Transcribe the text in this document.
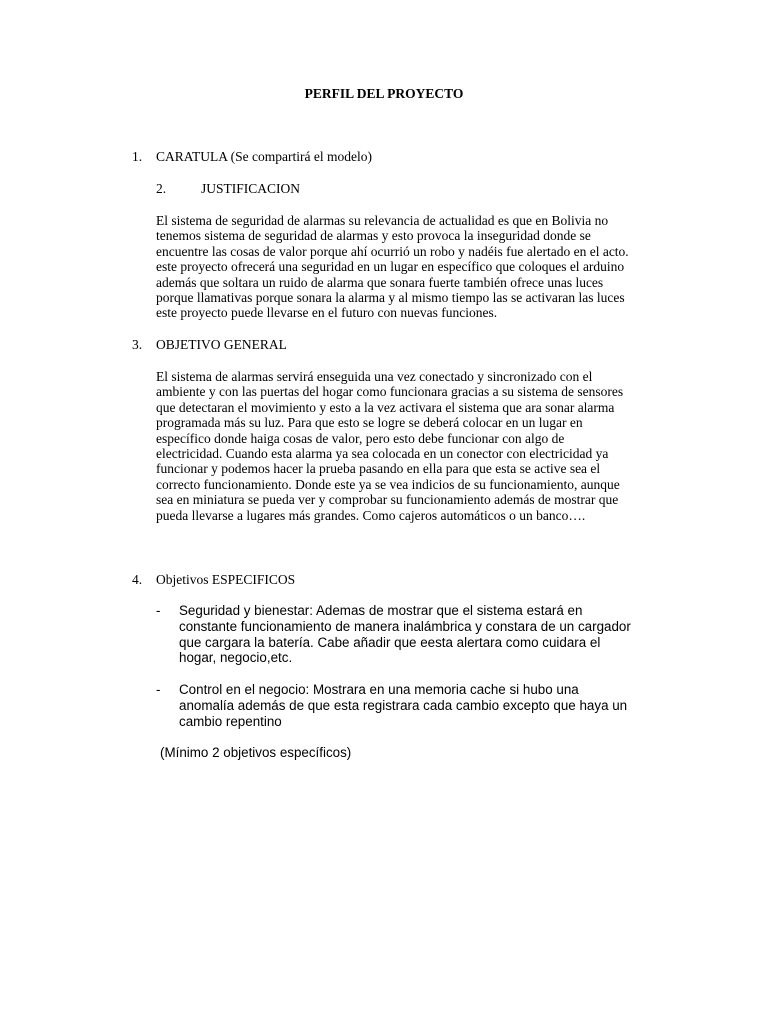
PERFIL DEL PROYECTO
1. CARATULA (Se compartirá el modelo)
2.	JUSTIFICACION
El sistema de seguridad de alarmas su relevancia de actualidad es que en Bolivia no
tenemos sistema de seguridad de alarmas y esto provoca la inseguridad donde se
encuentre las cosas de valor porque ahí ocurrió un robo y nadéis fue alertado en el acto.
este proyecto ofrecerá una seguridad en un lugar en específico que coloques el arduino
además que soltara un ruido de alarma que sonara fuerte también ofrece unas luces
porque llamativas porque sonara la alarma y al mismo tiempo las se activaran las luces
este proyecto puede llevarse en el futuro con nuevas funciones.
3. OBJETIVO GENERAL
El sistema de alarmas servirá enseguida una vez conectado y sincronizado con el
ambiente y con las puertas del hogar como funcionara gracias a su sistema de sensores
que detectaran el movimiento y esto a la vez activara el sistema que ara sonar alarma
programada más su luz. Para que esto se logre se deberá colocar en un lugar en
específico donde haiga cosas de valor, pero esto debe funcionar con algo de
electricidad. Cuando esta alarma ya sea colocada en un conector con electricidad ya
funcionar y podemos hacer la prueba pasando en ella para que esta se active sea el
correcto funcionamiento. Donde este ya se vea indicios de su funcionamiento, aunque
sea en miniatura se pueda ver y comprobar su funcionamiento además de mostrar que
pueda llevarse a lugares más grandes. Como cajeros automáticos o un banco….
4. Objetivos ESPECIFICOS
- Seguridad y bienestar: Ademas de mostrar que el sistema estará en
constante funcionamiento de manera inalámbrica y constara de un cargador
que cargara la batería. Cabe añadir que eesta alertara como cuidara el
hogar, negocio,etc.
- Control en el negocio: Mostrara en una memoria cache si hubo una
anomalía además de que esta registrara cada cambio excepto que haya un
cambio repentino
(Mínimo 2 objetivos específicos)
